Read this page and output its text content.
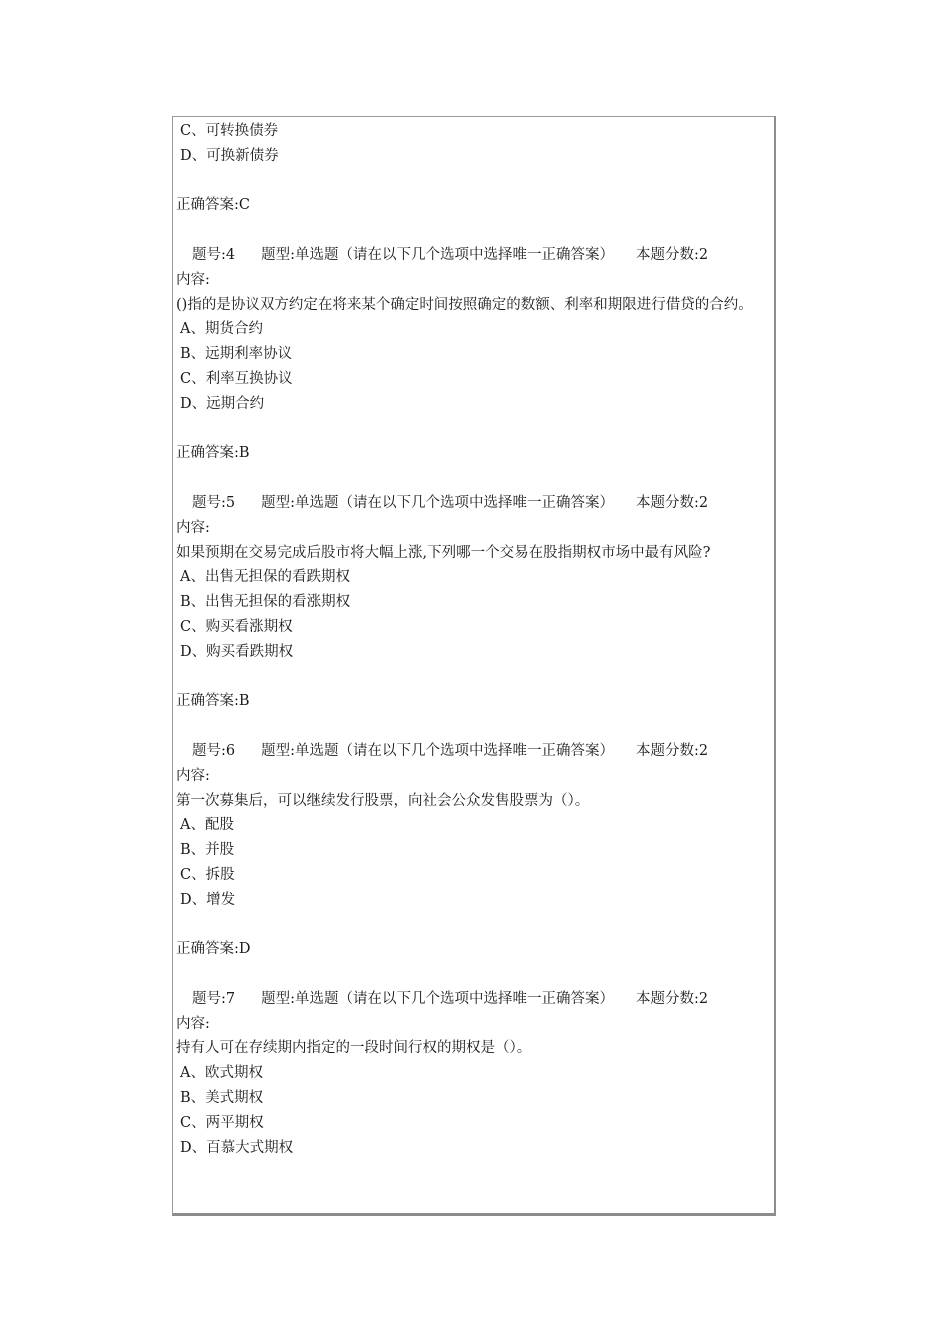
C、可转换债券
D、可换新债券
正确答案:C
题号:4 题型:单选题（请在以下几个选项中选择唯一正确答案） 本题分数:2
内容:
()指的是协议双方约定在将来某个确定时间按照确定的数额、利率和期限进行借贷的合约。
A、期货合约
B、远期利率协议
C、利率互换协议
D、远期合约
正确答案:B
题号:5 题型:单选题（请在以下几个选项中选择唯一正确答案） 本题分数:2
内容:
如果预期在交易完成后股市将大幅上涨,下列哪一个交易在股指期权市场中最有风险?
A、出售无担保的看跌期权
B、出售无担保的看涨期权
C、购买看涨期权
D、购买看跌期权
正确答案:B
题号:6 题型:单选题（请在以下几个选项中选择唯一正确答案） 本题分数:2
内容:
第一次募集后，可以继续发行股票，向社会公众发售股票为（）。
A、配股
B、并股
C、拆股
D、增发
正确答案:D
题号:7 题型:单选题（请在以下几个选项中选择唯一正确答案） 本题分数:2
内容:
持有人可在存续期内指定的一段时间行权的期权是（）。
A、欧式期权
B、美式期权
C、两平期权
D、百慕大式期权
